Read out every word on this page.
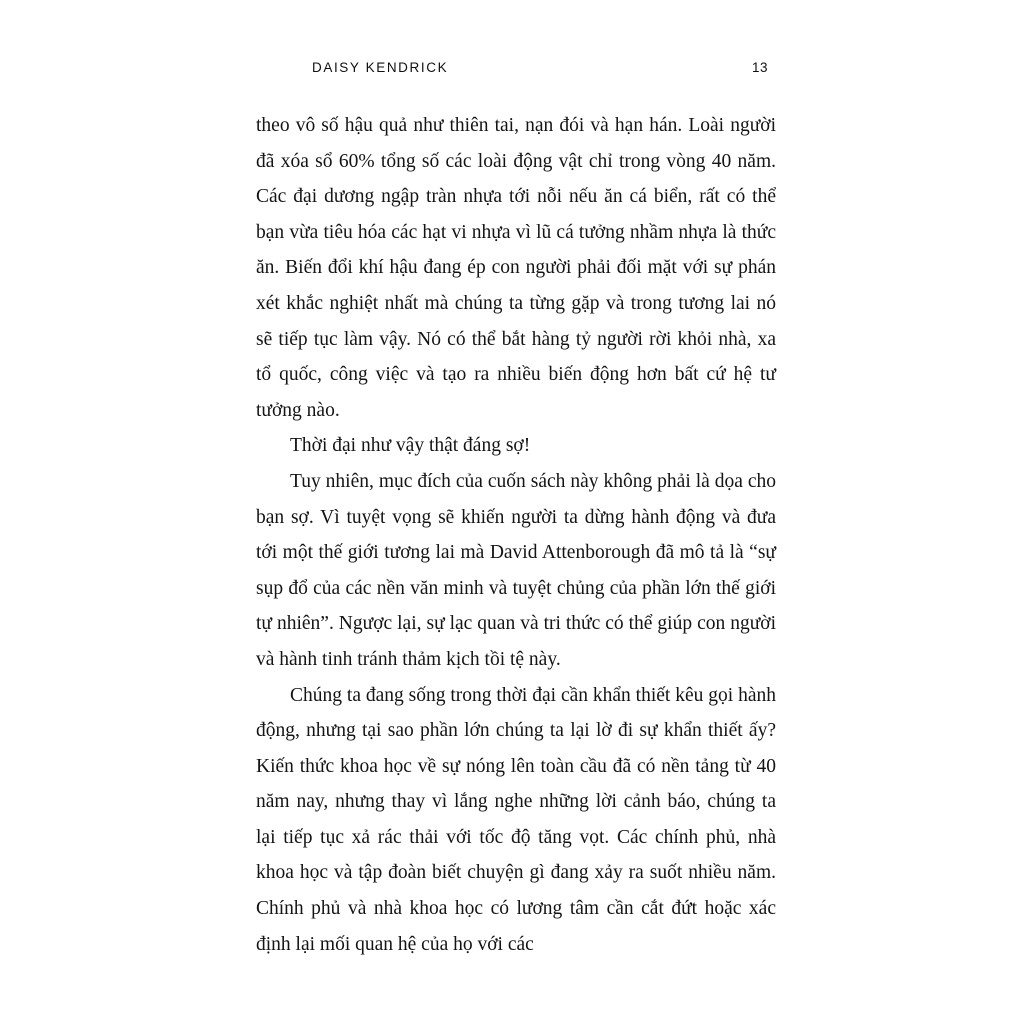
DAISY KENDRICK	13

theo vô số hậu quả như thiên tai, nạn đói và hạn hán. Loài người đã xóa sổ 60% tổng số các loài động vật chỉ trong vòng 40 năm. Các đại dương ngập tràn nhựa tới nỗi nếu ăn cá biển, rất có thể bạn vừa tiêu hóa các hạt vi nhựa vì lũ cá tưởng nhầm nhựa là thức ăn. Biến đổi khí hậu đang ép con người phải đối mặt với sự phán xét khắc nghiệt nhất mà chúng ta từng gặp và trong tương lai nó sẽ tiếp tục làm vậy. Nó có thể bắt hàng tỷ người rời khỏi nhà, xa tổ quốc, công việc và tạo ra nhiều biến động hơn bất cứ hệ tư tưởng nào.

Thời đại như vậy thật đáng sợ!

Tuy nhiên, mục đích của cuốn sách này không phải là dọa cho bạn sợ. Vì tuyệt vọng sẽ khiến người ta dừng hành động và đưa tới một thế giới tương lai mà David Attenborough đã mô tả là “sự sụp đổ của các nền văn minh và tuyệt chủng của phần lớn thế giới tự nhiên”. Ngược lại, sự lạc quan và tri thức có thể giúp con người và hành tinh tránh thảm kịch tồi tệ này.

Chúng ta đang sống trong thời đại cần khẩn thiết kêu gọi hành động, nhưng tại sao phần lớn chúng ta lại lờ đi sự khẩn thiết ấy? Kiến thức khoa học về sự nóng lên toàn cầu đã có nền tảng từ 40 năm nay, nhưng thay vì lắng nghe những lời cảnh báo, chúng ta lại tiếp tục xả rác thải với tốc độ tăng vọt. Các chính phủ, nhà khoa học và tập đoàn biết chuyện gì đang xảy ra suốt nhiều năm. Chính phủ và nhà khoa học có lương tâm cần cắt đứt hoặc xác định lại mối quan hệ của họ với các
